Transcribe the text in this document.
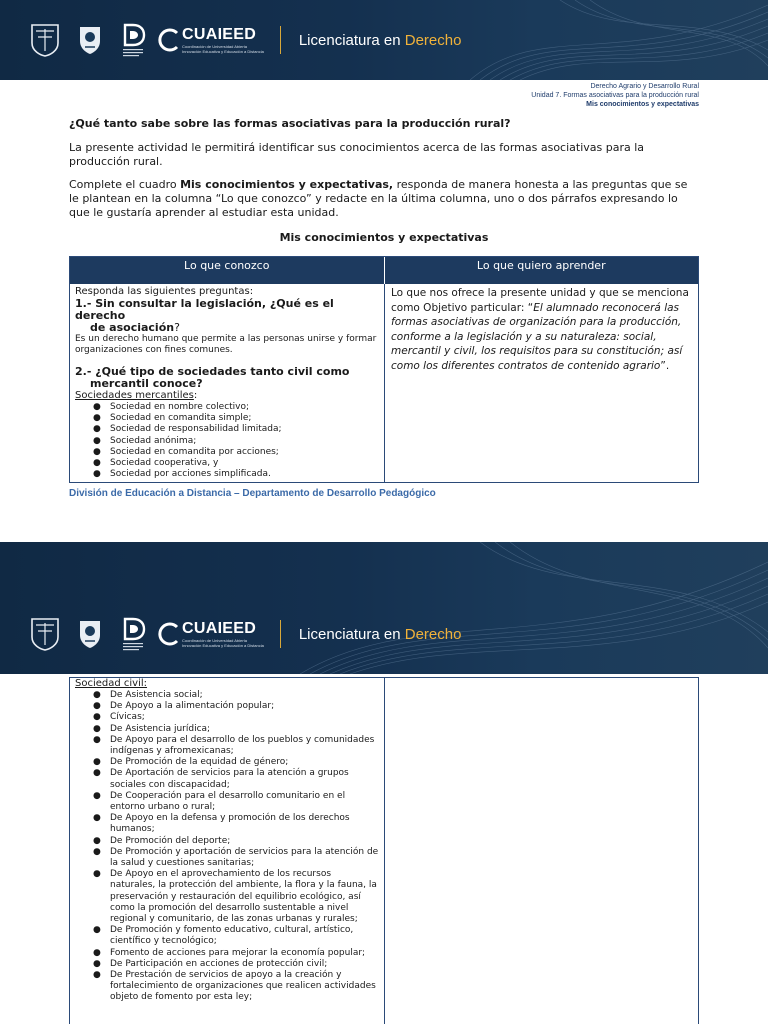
CUAIEED
Coordinación de Universidad Abierta
Innovación Educativa y Educación a Distancia
Licenciatura en Derecho
Derecho Agrario y Desarrollo Rural
Unidad 7. Formas asociativas para la producción rural
Mis conocimientos y expectativas
¿Qué tanto sabe sobre las formas asociativas para la producción rural?
La presente actividad le permitirá identificar sus conocimientos acerca de las formas asociativas para la producción rural.
Complete el cuadro Mis conocimientos y expectativas, responda de manera honesta a las preguntas que se le plantean en la columna “Lo que conozco” y redacte en la última columna, uno o dos párrafos expresando lo que le gustaría aprender al estudiar esta unidad.
Mis conocimientos y expectativas
Lo que conozco	Lo que quiero aprender
Responda las siguientes preguntas:
1.- Sin consultar la legislación, ¿Qué es el derecho
de asociación?
Es un derecho humano que permite a las personas unirse y formar organizaciones con fines comunes.
2.- ¿Qué tipo de sociedades tanto civil como
mercantil conoce?
Sociedades mercantiles:
● Sociedad en nombre colectivo;
● Sociedad en comandita simple;
● Sociedad de responsabilidad limitada;
● Sociedad anónima;
● Sociedad en comandita por acciones;
● Sociedad cooperativa, y
● Sociedad por acciones simplificada.
Lo que nos ofrece la presente unidad y que se menciona como Objetivo particular: “El alumnado reconocerá las formas asociativas de organización para la producción, conforme a la legislación y a su naturaleza: social, mercantil y civil, los requisitos para su constitución; así como los diferentes contratos de contenido agrario”.
División de Educación a Distancia – Departamento de Desarrollo Pedagógico
CUAIEED
Coordinación de Universidad Abierta
Innovación Educativa y Educación a Distancia
Licenciatura en Derecho
Sociedad civil:
● De Asistencia social;
● De Apoyo a la alimentación popular;
● Cívicas;
● De Asistencia jurídica;
● De Apoyo para el desarrollo de los pueblos y comunidades indígenas y afromexicanas;
● De Promoción de la equidad de género;
● De Aportación de servicios para la atención a grupos sociales con discapacidad;
● De Cooperación para el desarrollo comunitario en el entorno urbano o rural;
● De Apoyo en la defensa y promoción de los derechos humanos;
● De Promoción del deporte;
● De Promoción y aportación de servicios para la atención de la salud y cuestiones sanitarias;
● De Apoyo en el aprovechamiento de los recursos naturales, la protección del ambiente, la flora y la fauna, la preservación y restauración del equilibrio ecológico, así como la promoción del desarrollo sustentable a nivel regional y comunitario, de las zonas urbanas y rurales;
● De Promoción y fomento educativo, cultural, artístico, científico y tecnológico;
● Fomento de acciones para mejorar la economía popular;
● De Participación en acciones de protección civil;
● De Prestación de servicios de apoyo a la creación y fortalecimiento de organizaciones que realicen actividades objeto de fomento por esta ley;
